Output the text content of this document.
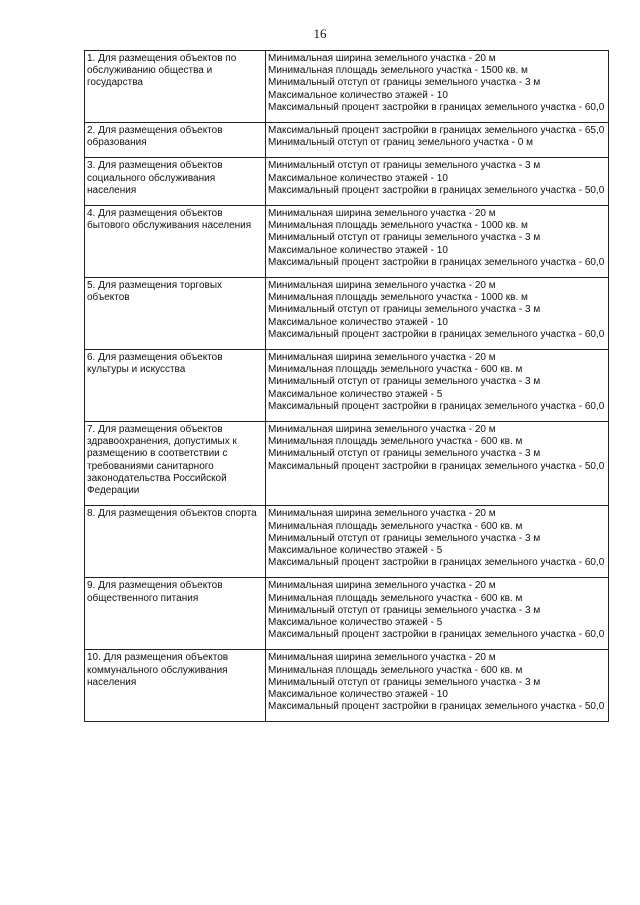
16
1. Для размещения объектов по обслуживанию общества и государства	Минимальная ширина земельного участка - 20 м
Минимальная площадь земельного участка - 1500 кв. м
Минимальный отступ от границы земельного участка - 3 м
Максимальное количество этажей - 10
Максимальный процент застройки в границах земельного участка - 60,0

2. Для размещения объектов образования	Максимальный процент застройки в границах земельного участка - 65,0
Минимальный отступ от границ земельного участка - 0 м

3. Для размещения объектов социального обслуживания населения	Минимальный отступ от границы земельного участка - 3 м
Максимальное количество этажей - 10
Максимальный процент застройки в границах земельного участка - 50,0

4. Для размещения объектов бытового обслуживания населения	Минимальная ширина земельного участка - 20 м
Минимальная площадь земельного участка - 1000 кв. м
Минимальный отступ от границы земельного участка - 3 м
Максимальное количество этажей - 10
Максимальный процент застройки в границах земельного участка - 60,0

5. Для размещения торговых объектов	Минимальная ширина земельного участка - 20 м
Минимальная площадь земельного участка - 1000 кв. м
Минимальный отступ от границы земельного участка - 3 м
Максимальное количество этажей - 10
Максимальный процент застройки в границах земельного участка - 60,0

6. Для размещения объектов культуры и искусства	Минимальная ширина земельного участка - 20 м
Минимальная площадь земельного участка - 600 кв. м
Минимальный отступ от границы земельного участка - 3 м
Максимальное количество этажей - 5
Максимальный процент застройки в границах земельного участка - 60,0

7. Для размещения объектов здравоохранения, допустимых к размещению в соответствии с требованиями санитарного законодательства Российской Федерации	Минимальная ширина земельного участка - 20 м
Минимальная площадь земельного участка - 600 кв. м
Минимальный отступ от границы земельного участка - 3 м
Максимальный процент застройки в границах земельного участка - 50,0

8. Для размещения объектов спорта	Минимальная ширина земельного участка - 20 м
Минимальная площадь земельного участка - 600 кв. м
Минимальный отступ от границы земельного участка - 3 м
Максимальное количество этажей - 5
Максимальный процент застройки в границах земельного участка - 60,0

9. Для размещения объектов общественного питания	Минимальная ширина земельного участка - 20 м
Минимальная площадь земельного участка - 600 кв. м
Минимальный отступ от границы земельного участка - 3 м
Максимальное количество этажей - 5
Максимальный процент застройки в границах земельного участка - 60,0

10. Для размещения объектов коммунального обслуживания населения	Минимальная ширина земельного участка - 20 м
Минимальная площадь земельного участка - 600 кв. м
Минимальный отступ от границы земельного участка - 3 м
Максимальное количество этажей - 10
Максимальный процент застройки в границах земельного участка - 50,0
